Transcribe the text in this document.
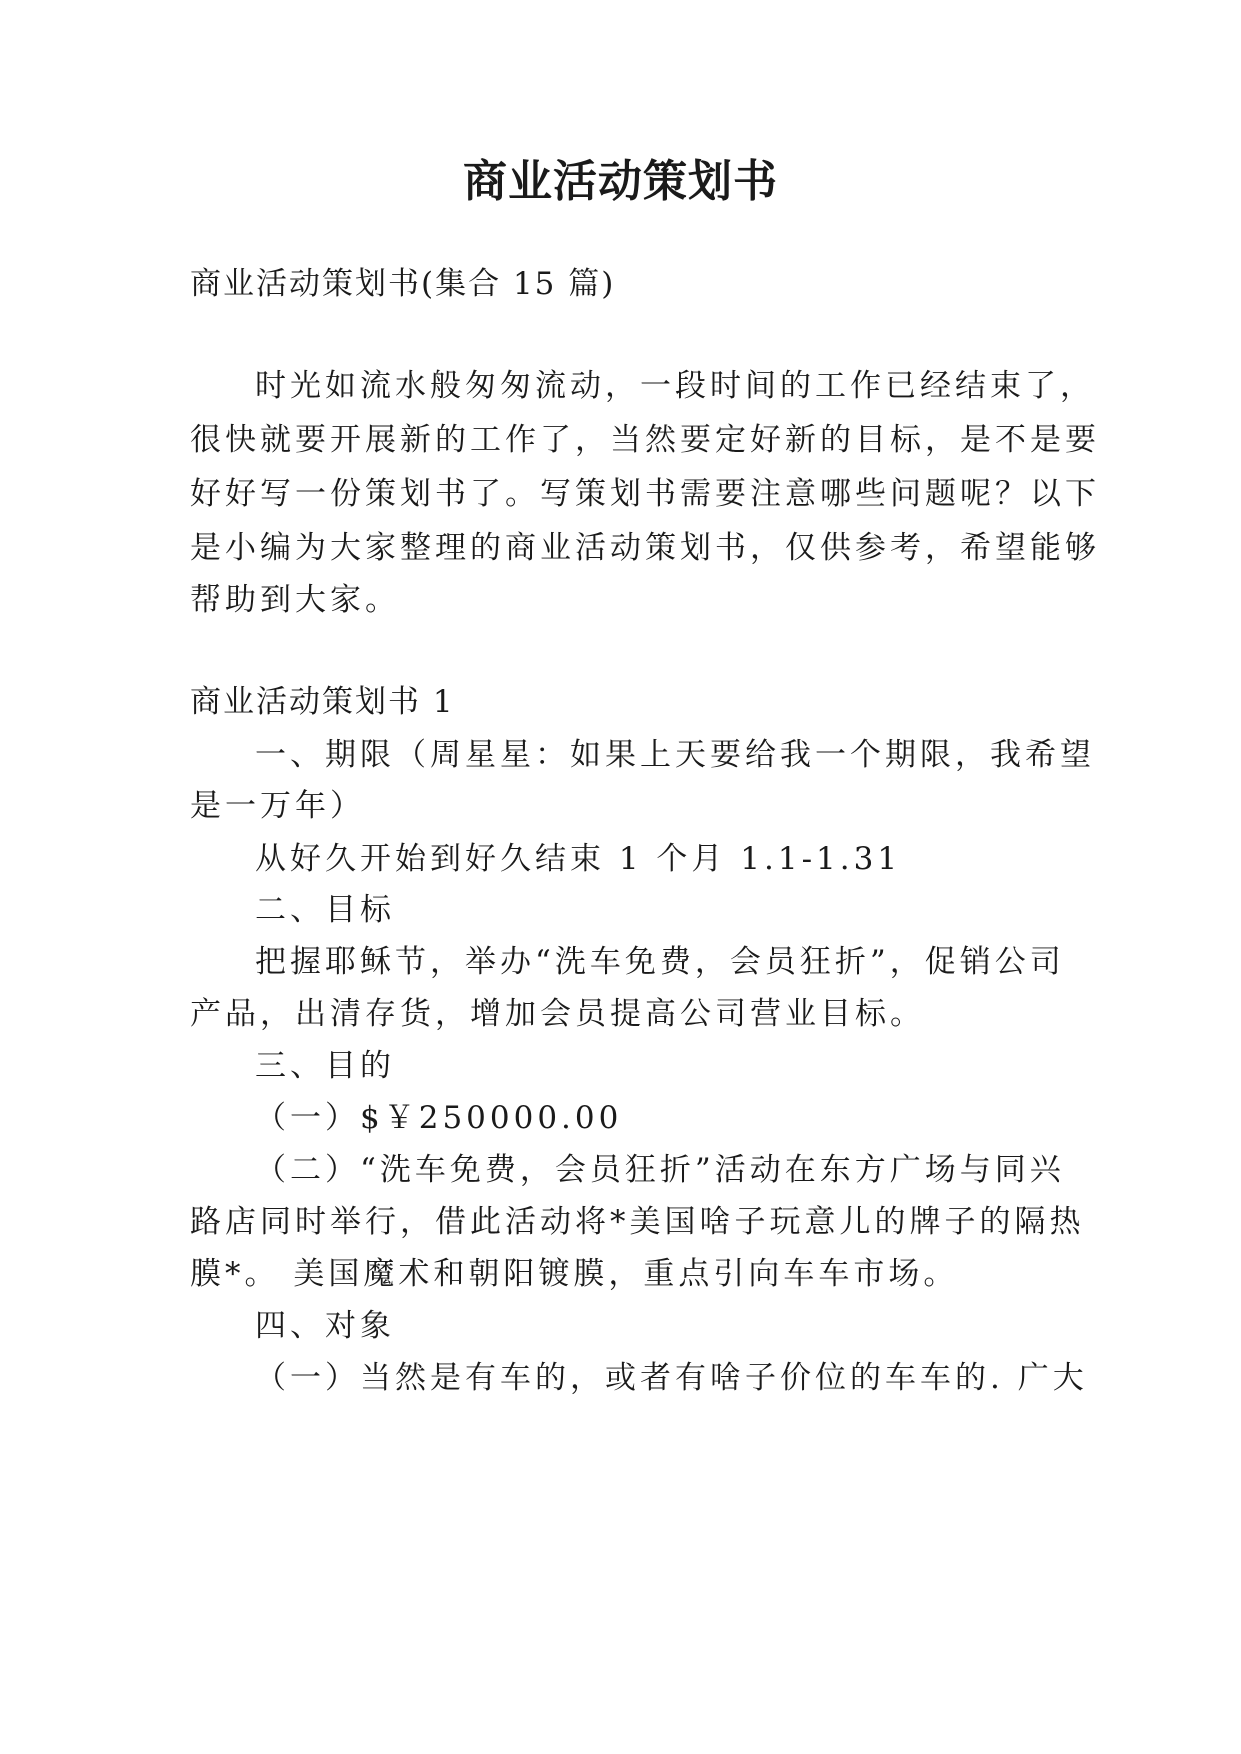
商业活动策划书

商业活动策划书(集合 15 篇)

时光如流水般匆匆流动，一段时间的工作已经结束了，

很快就要开展新的工作了，当然要定好新的目标，是不是要

好好写一份策划书了。写策划书需要注意哪些问题呢？以下

是小编为大家整理的商业活动策划书，仅供参考，希望能够

帮助到大家。

商业活动策划书 1

一、期限（周星星：如果上天要给我一个期限，我希望

是一万年）

从好久开始到好久结束 1 个月 1.1-1.31

二、目标

把握耶稣节，举办“洗车免费，会员狂折”，促销公司

产品，出清存货，增加会员提高公司营业目标。

三、目的

（一）$￥250000.00

（二）“洗车免费，会员狂折”活动在东方广场与同兴

路店同时举行，借此活动将*美国啥子玩意儿的牌子的隔热

膜*。 美国魔术和朝阳镀膜，重点引向车车市场。

四、对象

（一）当然是有车的，或者有啥子价位的车车的. 广大
